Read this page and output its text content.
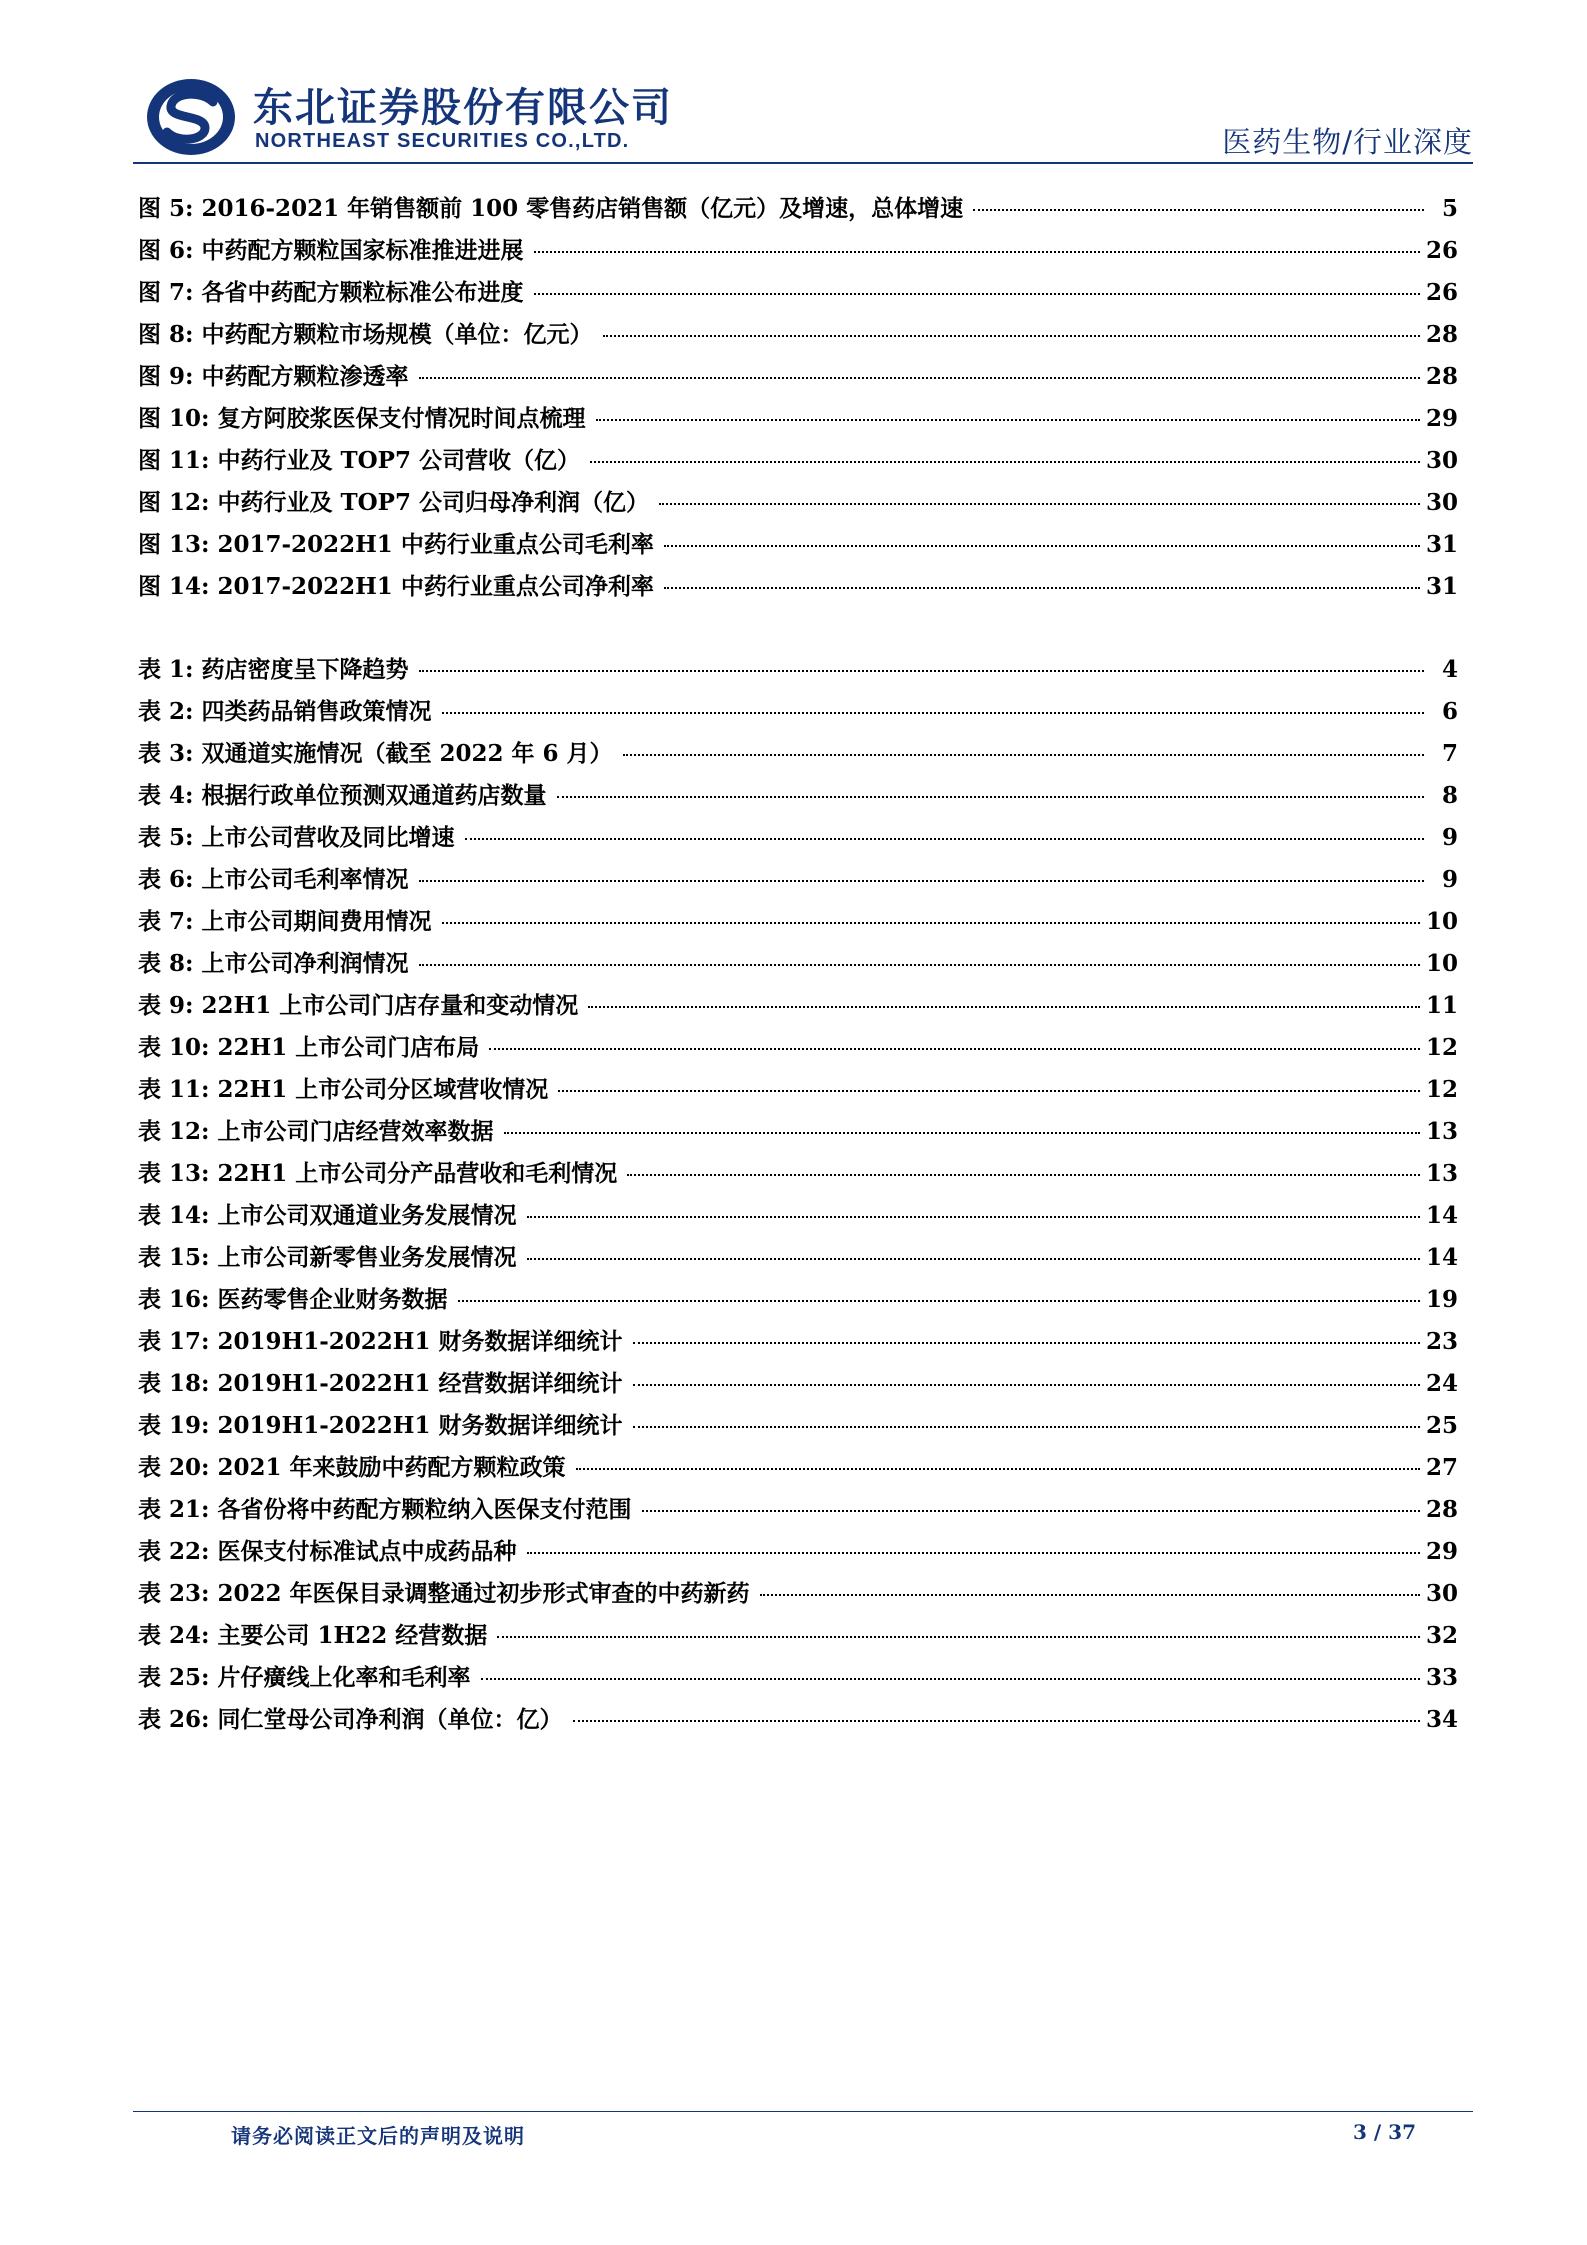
东北证券股份有限公司
NORTHEAST SECURITIES CO.,LTD.	医药生物/行业深度
图 5: 2016-2021 年销售额前 100 零售药店销售额（亿元）及增速，总体增速	5
图 6: 中药配方颗粒国家标准推进进展	26
图 7: 各省中药配方颗粒标准公布进度	26
图 8: 中药配方颗粒市场规模（单位：亿元）	28
图 9: 中药配方颗粒渗透率	28
图 10: 复方阿胶浆医保支付情况时间点梳理	29
图 11: 中药行业及 TOP7 公司营收（亿）	30
图 12: 中药行业及 TOP7 公司归母净利润（亿）	30
图 13: 2017-2022H1 中药行业重点公司毛利率	31
图 14: 2017-2022H1 中药行业重点公司净利率	31
表 1: 药店密度呈下降趋势	4
表 2: 四类药品销售政策情况	6
表 3: 双通道实施情况（截至 2022 年 6 月）	7
表 4: 根据行政单位预测双通道药店数量	8
表 5: 上市公司营收及同比增速	9
表 6: 上市公司毛利率情况	9
表 7: 上市公司期间费用情况	10
表 8: 上市公司净利润情况	10
表 9: 22H1 上市公司门店存量和变动情况	11
表 10: 22H1 上市公司门店布局	12
表 11: 22H1 上市公司分区域营收情况	12
表 12: 上市公司门店经营效率数据	13
表 13: 22H1 上市公司分产品营收和毛利情况	13
表 14: 上市公司双通道业务发展情况	14
表 15: 上市公司新零售业务发展情况	14
表 16: 医药零售企业财务数据	19
表 17: 2019H1-2022H1 财务数据详细统计	23
表 18: 2019H1-2022H1 经营数据详细统计	24
表 19: 2019H1-2022H1 财务数据详细统计	25
表 20: 2021 年来鼓励中药配方颗粒政策	27
表 21: 各省份将中药配方颗粒纳入医保支付范围	28
表 22: 医保支付标准试点中成药品种	29
表 23: 2022 年医保目录调整通过初步形式审查的中药新药	30
表 24: 主要公司 1H22 经营数据	32
表 25: 片仔癀线上化率和毛利率	33
表 26: 同仁堂母公司净利润（单位：亿）	34
请务必阅读正文后的声明及说明	3 / 37
